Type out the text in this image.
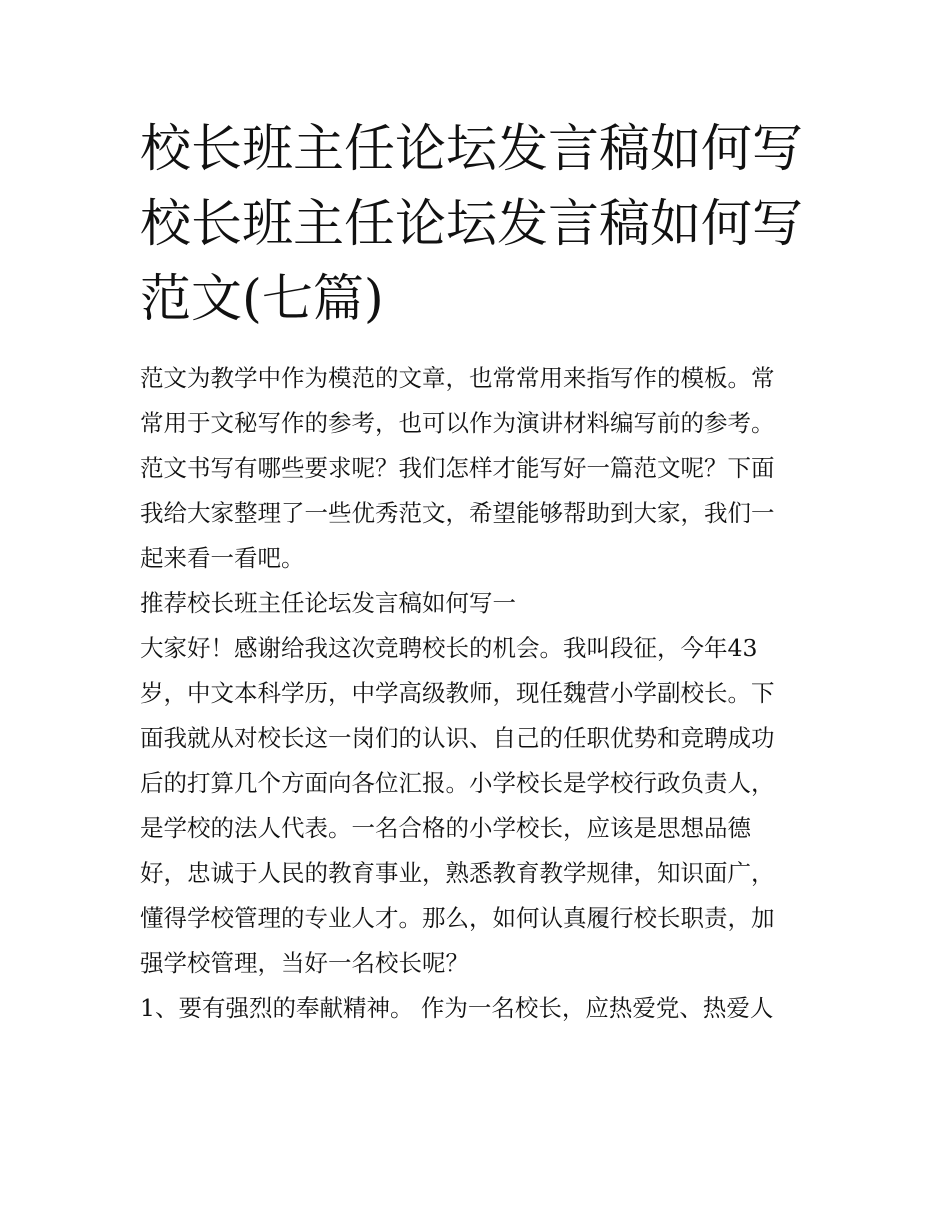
校长班主任论坛发言稿如何写
校长班主任论坛发言稿如何写
范文(七篇)
范文为教学中作为模范的文章，也常常用来指写作的模板。常
常用于文秘写作的参考，也可以作为演讲材料编写前的参考。
范文书写有哪些要求呢？我们怎样才能写好一篇范文呢？下面
我给大家整理了一些优秀范文，希望能够帮助到大家，我们一
起来看一看吧。
推荐校长班主任论坛发言稿如何写一
大家好！感谢给我这次竞聘校长的机会。我叫段征，今年43
岁，中文本科学历，中学高级教师，现任魏营小学副校长。下
面我就从对校长这一岗们的认识、自己的任职优势和竞聘成功
后的打算几个方面向各位汇报。小学校长是学校行政负责人，
是学校的法人代表。一名合格的小学校长，应该是思想品德
好，忠诚于人民的教育事业，熟悉教育教学规律，知识面广，
懂得学校管理的专业人才。那么，如何认真履行校长职责，加
强学校管理，当好一名校长呢？
1、要有强烈的奉献精神。 作为一名校长，应热爱党、热爱人
